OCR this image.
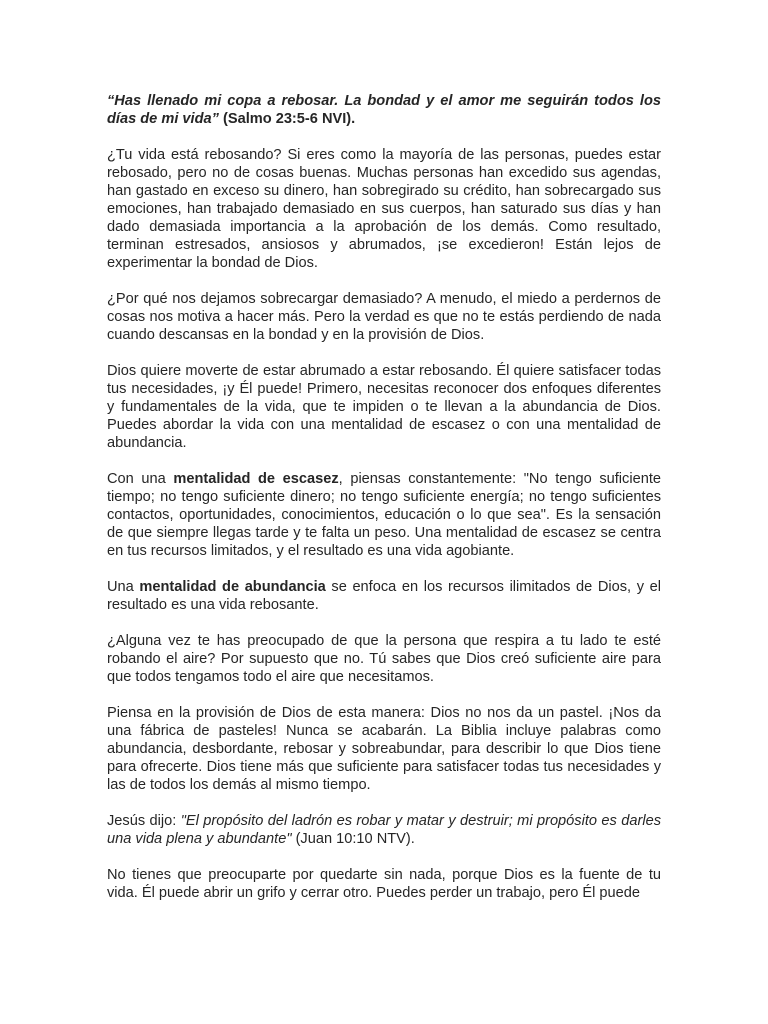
“Has llenado mi copa a rebosar. La bondad y el amor me seguirán todos los días de mi vida” (Salmo 23:5-6 NVI).

¿Tu vida está rebosando? Si eres como la mayoría de las personas, puedes estar rebosado, pero no de cosas buenas. Muchas personas han excedido sus agendas, han gastado en exceso su dinero, han sobregirado su crédito, han sobrecargado sus emociones, han trabajado demasiado en sus cuerpos, han saturado sus días y han dado demasiada importancia a la aprobación de los demás. Como resultado, terminan estresados, ansiosos y abrumados, ¡se excedieron! Están lejos de experimentar la bondad de Dios.

¿Por qué nos dejamos sobrecargar demasiado? A menudo, el miedo a perdernos de cosas nos motiva a hacer más. Pero la verdad es que no te estás perdiendo de nada cuando descansas en la bondad y en la provisión de Dios.

Dios quiere moverte de estar abrumado a estar rebosando. Él quiere satisfacer todas tus necesidades, ¡y Él puede! Primero, necesitas reconocer dos enfoques diferentes y fundamentales de la vida, que te impiden o te llevan a la abundancia de Dios. Puedes abordar la vida con una mentalidad de escasez o con una mentalidad de abundancia.

Con una mentalidad de escasez, piensas constantemente: "No tengo suficiente tiempo; no tengo suficiente dinero; no tengo suficiente energía; no tengo suficientes contactos, oportunidades, conocimientos, educación o lo que sea". Es la sensación de que siempre llegas tarde y te falta un peso. Una mentalidad de escasez se centra en tus recursos limitados, y el resultado es una vida agobiante.

Una mentalidad de abundancia se enfoca en los recursos ilimitados de Dios, y el resultado es una vida rebosante.

¿Alguna vez te has preocupado de que la persona que respira a tu lado te esté robando el aire? Por supuesto que no. Tú sabes que Dios creó suficiente aire para que todos tengamos todo el aire que necesitamos.

Piensa en la provisión de Dios de esta manera: Dios no nos da un pastel. ¡Nos da una fábrica de pasteles! Nunca se acabarán. La Biblia incluye palabras como abundancia, desbordante, rebosar y sobreabundar, para describir lo que Dios tiene para ofrecerte. Dios tiene más que suficiente para satisfacer todas tus necesidades y las de todos los demás al mismo tiempo.

Jesús dijo: "El propósito del ladrón es robar y matar y destruir; mi propósito es darles una vida plena y abundante" (Juan 10:10 NTV).

No tienes que preocuparte por quedarte sin nada, porque Dios es la fuente de tu vida. Él puede abrir un grifo y cerrar otro. Puedes perder un trabajo, pero Él puede
